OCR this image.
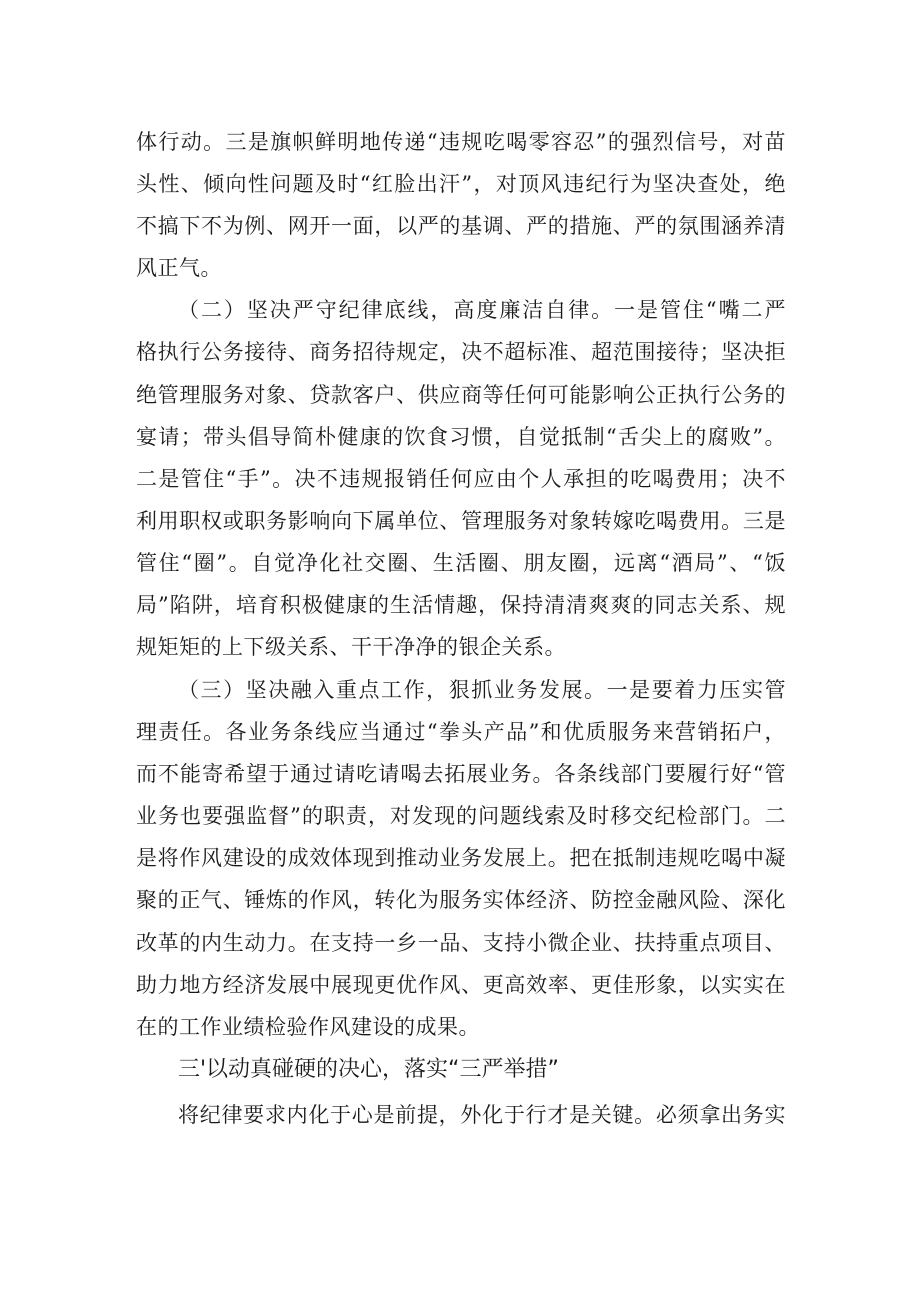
体行动。三是旗帜鲜明地传递“违规吃喝零容忍”的强烈信号，对苗
头性、倾向性问题及时“红脸出汗”，对顶风违纪行为坚决查处，绝
不搞下不为例、网开一面，以严的基调、严的措施、严的氛围涵养清
风正气。
（二）坚决严守纪律底线，高度廉洁自律。一是管住“嘴二严
格执行公务接待、商务招待规定，决不超标准、超范围接待；坚决拒
绝管理服务对象、贷款客户、供应商等任何可能影响公正执行公务的
宴请；带头倡导简朴健康的饮食习惯，自觉抵制“舌尖上的腐败”。
二是管住“手”。决不违规报销任何应由个人承担的吃喝费用；决不
利用职权或职务影响向下属单位、管理服务对象转嫁吃喝费用。三是
管住“圈”。自觉净化社交圈、生活圈、朋友圈，远离“酒局”、“饭
局”陷阱，培育积极健康的生活情趣，保持清清爽爽的同志关系、规
规矩矩的上下级关系、干干净净的银企关系。
（三）坚决融入重点工作，狠抓业务发展。一是要着力压实管
理责任。各业务条线应当通过“拳头产品”和优质服务来营销拓户，
而不能寄希望于通过请吃请喝去拓展业务。各条线部门要履行好“管
业务也要强监督”的职责，对发现的问题线索及时移交纪检部门。二
是将作风建设的成效体现到推动业务发展上。把在抵制违规吃喝中凝
聚的正气、锤炼的作风，转化为服务实体经济、防控金融风险、深化
改革的内生动力。在支持一乡一品、支持小微企业、扶持重点项目、
助力地方经济发展中展现更优作风、更高效率、更佳形象，以实实在
在的工作业绩检验作风建设的成果。
三'以动真碰硬的决心，落实“三严举措”
将纪律要求内化于心是前提，外化于行才是关键。必须拿出务实
